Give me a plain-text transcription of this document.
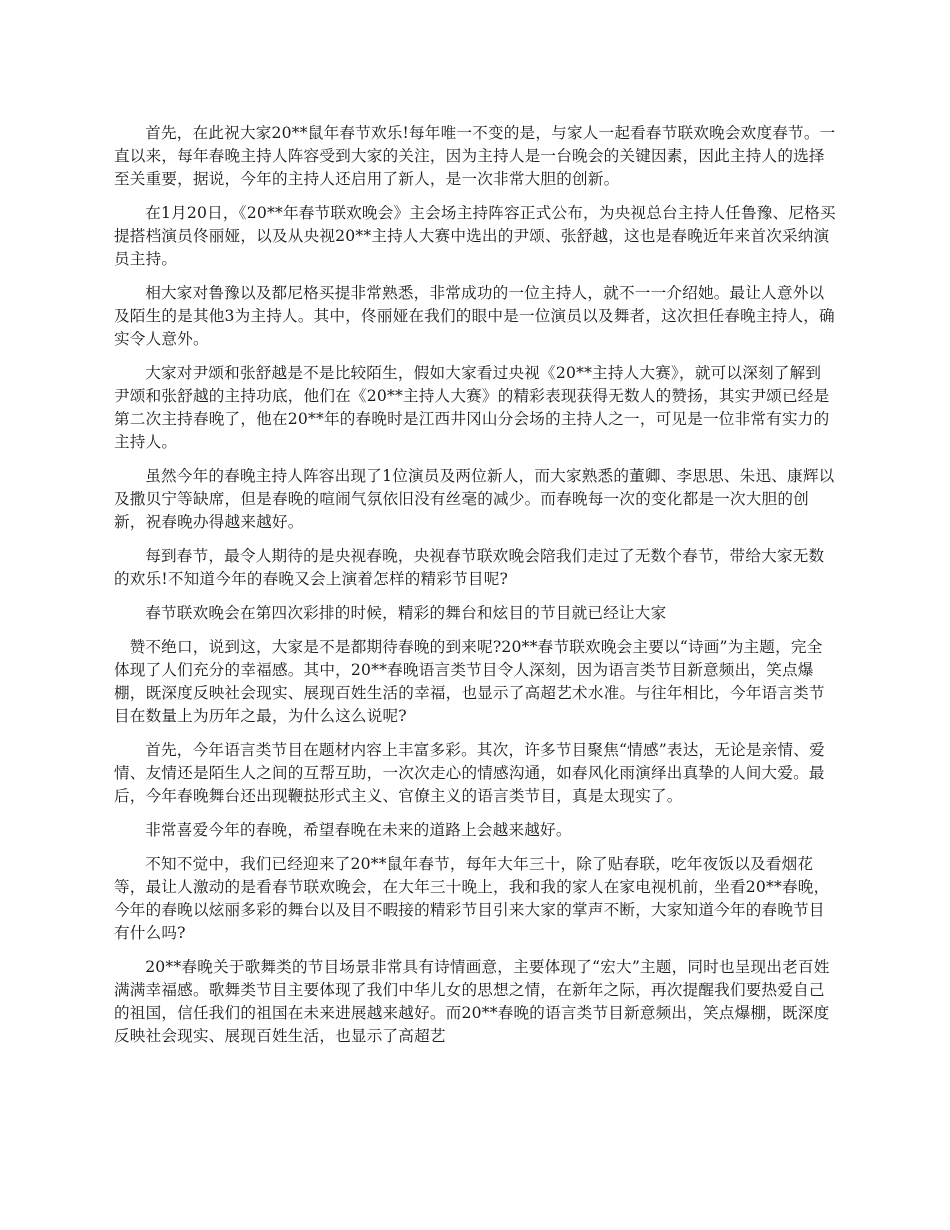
首先，在此祝大家20**鼠年春节欢乐!每年唯一不变的是，与家人一起看春节联欢晚会欢度春节。一直以来，每年春晚主持人阵容受到大家的关注，因为主持人是一台晚会的关键因素，因此主持人的选择至关重要，据说，今年的主持人还启用了新人，是一次非常大胆的创新。

在1月20日，《20**年春节联欢晚会》主会场主持阵容正式公布，为央视总台主持人任鲁豫、尼格买提搭档演员佟丽娅，以及从央视20**主持人大赛中选出的尹颂、张舒越，这也是春晚近年来首次采纳演员主持。

相大家对鲁豫以及都尼格买提非常熟悉，非常成功的一位主持人，就不一一介绍她。最让人意外以及陌生的是其他3为主持人。其中，佟丽娅在我们的眼中是一位演员以及舞者，这次担任春晚主持人，确实令人意外。

大家对尹颂和张舒越是不是比较陌生，假如大家看过央视《20**主持人大赛》，就可以深刻了解到尹颂和张舒越的主持功底，他们在《20**主持人大赛》的精彩表现获得无数人的赞扬，其实尹颂已经是第二次主持春晚了，他在20**年的春晚时是江西井冈山分会场的主持人之一，可见是一位非常有实力的主持人。

虽然今年的春晚主持人阵容出现了1位演员及两位新人，而大家熟悉的董卿、李思思、朱迅、康辉以及撒贝宁等缺席，但是春晚的喧闹气氛依旧没有丝毫的减少。而春晚每一次的变化都是一次大胆的创新，祝春晚办得越来越好。

每到春节，最令人期待的是央视春晚，央视春节联欢晚会陪我们走过了无数个春节，带给大家无数的欢乐!不知道今年的春晚又会上演着怎样的精彩节目呢?

春节联欢晚会在第四次彩排的时候，精彩的舞台和炫目的节目就已经让大家

赞不绝口，说到这，大家是不是都期待春晚的到来呢?20**春节联欢晚会主要以“诗画”为主题，完全体现了人们充分的幸福感。其中，20**春晚语言类节目令人深刻，因为语言类节目新意频出，笑点爆棚，既深度反映社会现实、展现百姓生活的幸福，也显示了高超艺术水准。与往年相比，今年语言类节目在数量上为历年之最，为什么这么说呢?

首先，今年语言类节目在题材内容上丰富多彩。其次，许多节目聚焦“情感”表达，无论是亲情、爱情、友情还是陌生人之间的互帮互助，一次次走心的情感沟通，如春风化雨演绎出真挚的人间大爱。最后，今年春晚舞台还出现鞭挞形式主义、官僚主义的语言类节目，真是太现实了。

非常喜爱今年的春晚，希望春晚在未来的道路上会越来越好。

不知不觉中，我们已经迎来了20**鼠年春节，每年大年三十，除了贴春联，吃年夜饭以及看烟花等，最让人激动的是看春节联欢晚会，在大年三十晚上，我和我的家人在家电视机前，坐看20**春晚，今年的春晚以炫丽多彩的舞台以及目不暇接的精彩节目引来大家的掌声不断，大家知道今年的春晚节目有什么吗?

20**春晚关于歌舞类的节目场景非常具有诗情画意，主要体现了“宏大”主题，同时也呈现出老百姓满满幸福感。歌舞类节目主要体现了我们中华儿女的思想之情，在新年之际，再次提醒我们要热爱自己的祖国，信任我们的祖国在未来进展越来越好。而20**春晚的语言类节目新意频出，笑点爆棚，既深度反映社会现实、展现百姓生活，也显示了高超艺
